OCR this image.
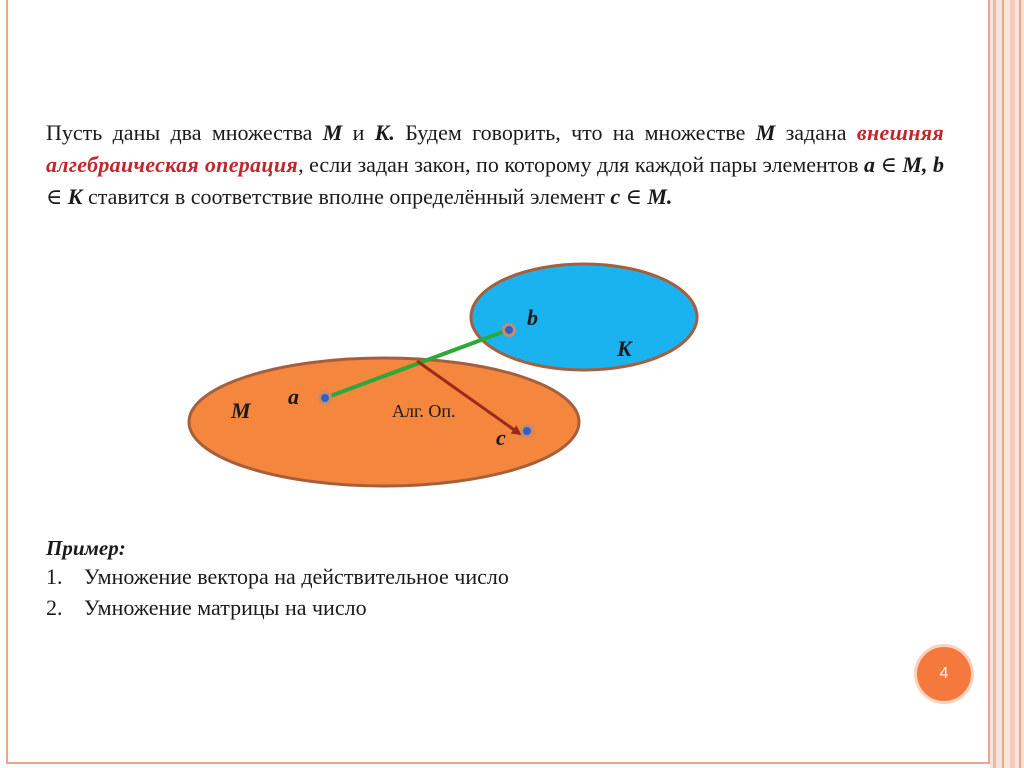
Пусть даны два множества M и K. Будем говорить, что на множестве M задана внешняя алгебраическая операция, если задан закон, по которому для каждой пары элементов a ∈ M, b ∈ K ставится в соответствие вполне определённый элемент c ∈ M.
b
K
M
a
Алг. Оп.
c
Пример:
1. Умножение вектора на действительное число
2. Умножение матрицы на число
4
